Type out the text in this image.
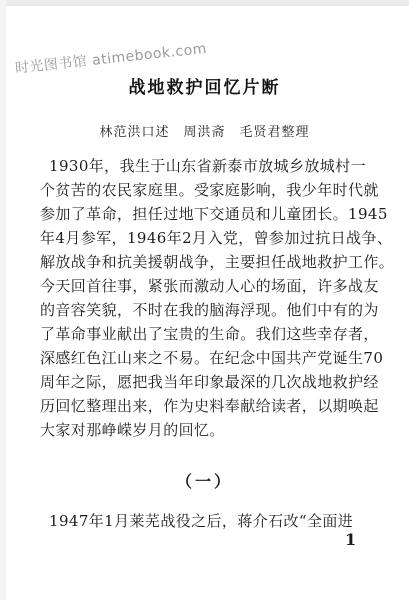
时光图书馆 atimebook.com
战地救护回忆片断
林范洪口述　周洪斋　毛贤君整理
1930年，我生于山东省新泰市放城乡放城村一
个贫苦的农民家庭里。受家庭影响，我少年时代就
参加了革命，担任过地下交通员和儿童团长。1945
年4月参军，1946年2月入党，曾参加过抗日战争、
解放战争和抗美援朝战争，主要担任战地救护工作。
今天回首往事，紧张而激动人心的场面，许多战友
的音容笑貌，不时在我的脑海浮现。他们中有的为
了革命事业献出了宝贵的生命。我们这些幸存者，
深感红色江山来之不易。在纪念中国共产党诞生70
周年之际，愿把我当年印象最深的几次战地救护经
历回忆整理出来，作为史料奉献给读者，以期唤起
大家对那峥嵘岁月的回忆。
（一）
1947年1月莱芜战役之后，蒋介石改“全面进
1
